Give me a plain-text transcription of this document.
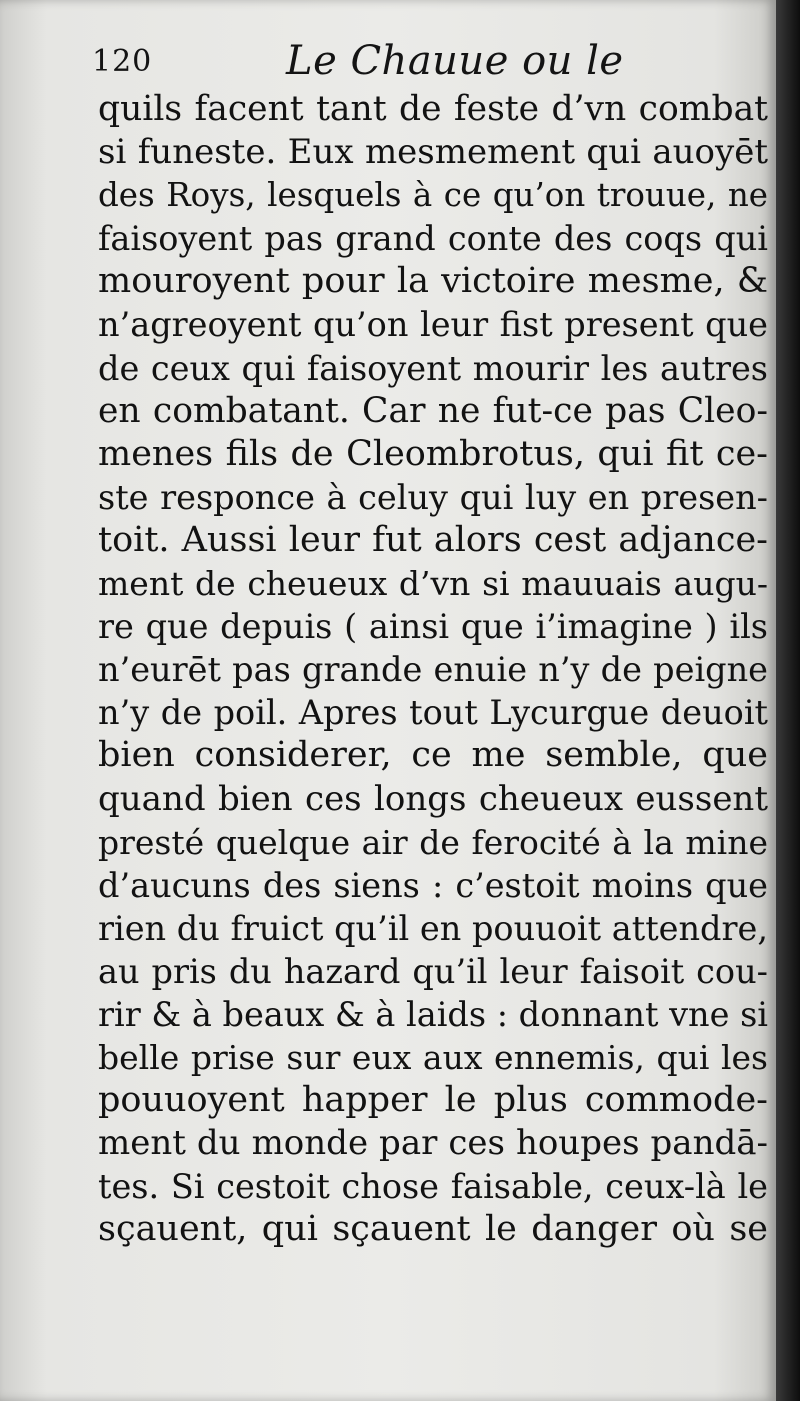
120	Le Chauue ou le
quils facent tant de feste d’vn combat
si funeste. Eux mesmement qui auoyēt
des Roys, lesquels à ce qu’on trouue, ne
faisoyent pas grand conte des coqs qui
mouroyent pour la victoire mesme, &
n’agreoyent qu’on leur fist present que
de ceux qui faisoyent mourir les autres
en combatant. Car ne fut-ce pas Cleo-
menes fils de Cleombrotus, qui fit ce-
ste responce à celuy qui luy en presen-
toit. Aussi leur fut alors cest adjance-
ment de cheueux d’vn si mauuais augu-
re que depuis ( ainsi que i’imagine ) ils
n’eurēt pas grande enuie n’y de peigne
n’y de poil. Apres tout Lycurgue deuoit
bien considerer, ce me semble, que
quand bien ces longs cheueux eussent
presté quelque air de ferocité à la mine
d’aucuns des siens : c’estoit moins que
rien du fruict qu’il en pouuoit attendre,
au pris du hazard qu’il leur faisoit cou-
rir & à beaux & à laids : donnant vne si
belle prise sur eux aux ennemis, qui les
pouuoyent happer le plus commode-
ment du monde par ces houpes pandā-
tes. Si cestoit chose faisable, ceux-là le
sçauent, qui sçauent le danger où se
